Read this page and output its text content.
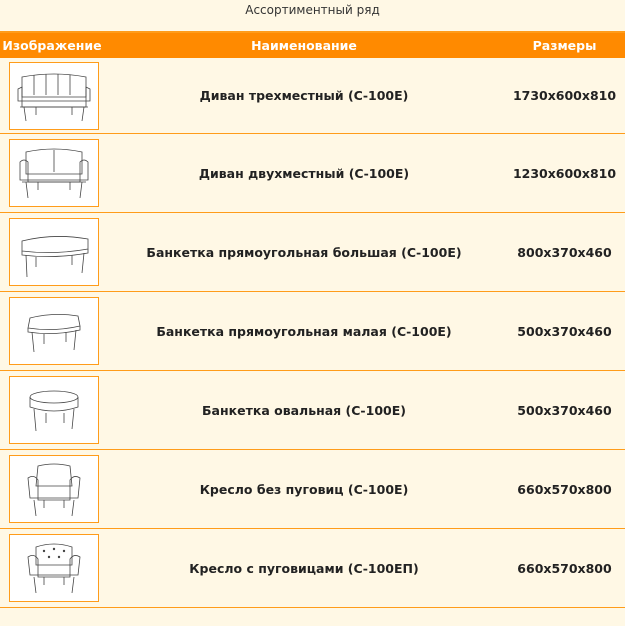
Ассортиментный ряд
Изображение	Наименование	Размеры

	Диван трехместный (С-100Е)	1730x600x810

	Диван двухместный (С-100Е)	1230x600x810

	Банкетка прямоугольная большая (С-100Е)	800x370x460

	Банкетка прямоугольная малая (С-100Е)	500x370x460

	Банкетка овальная (С-100Е)	500x370x460

	Кресло без пуговиц (С-100Е)	660x570x800

	Кресло с пуговицами (С-100ЕП)	660x570x800
